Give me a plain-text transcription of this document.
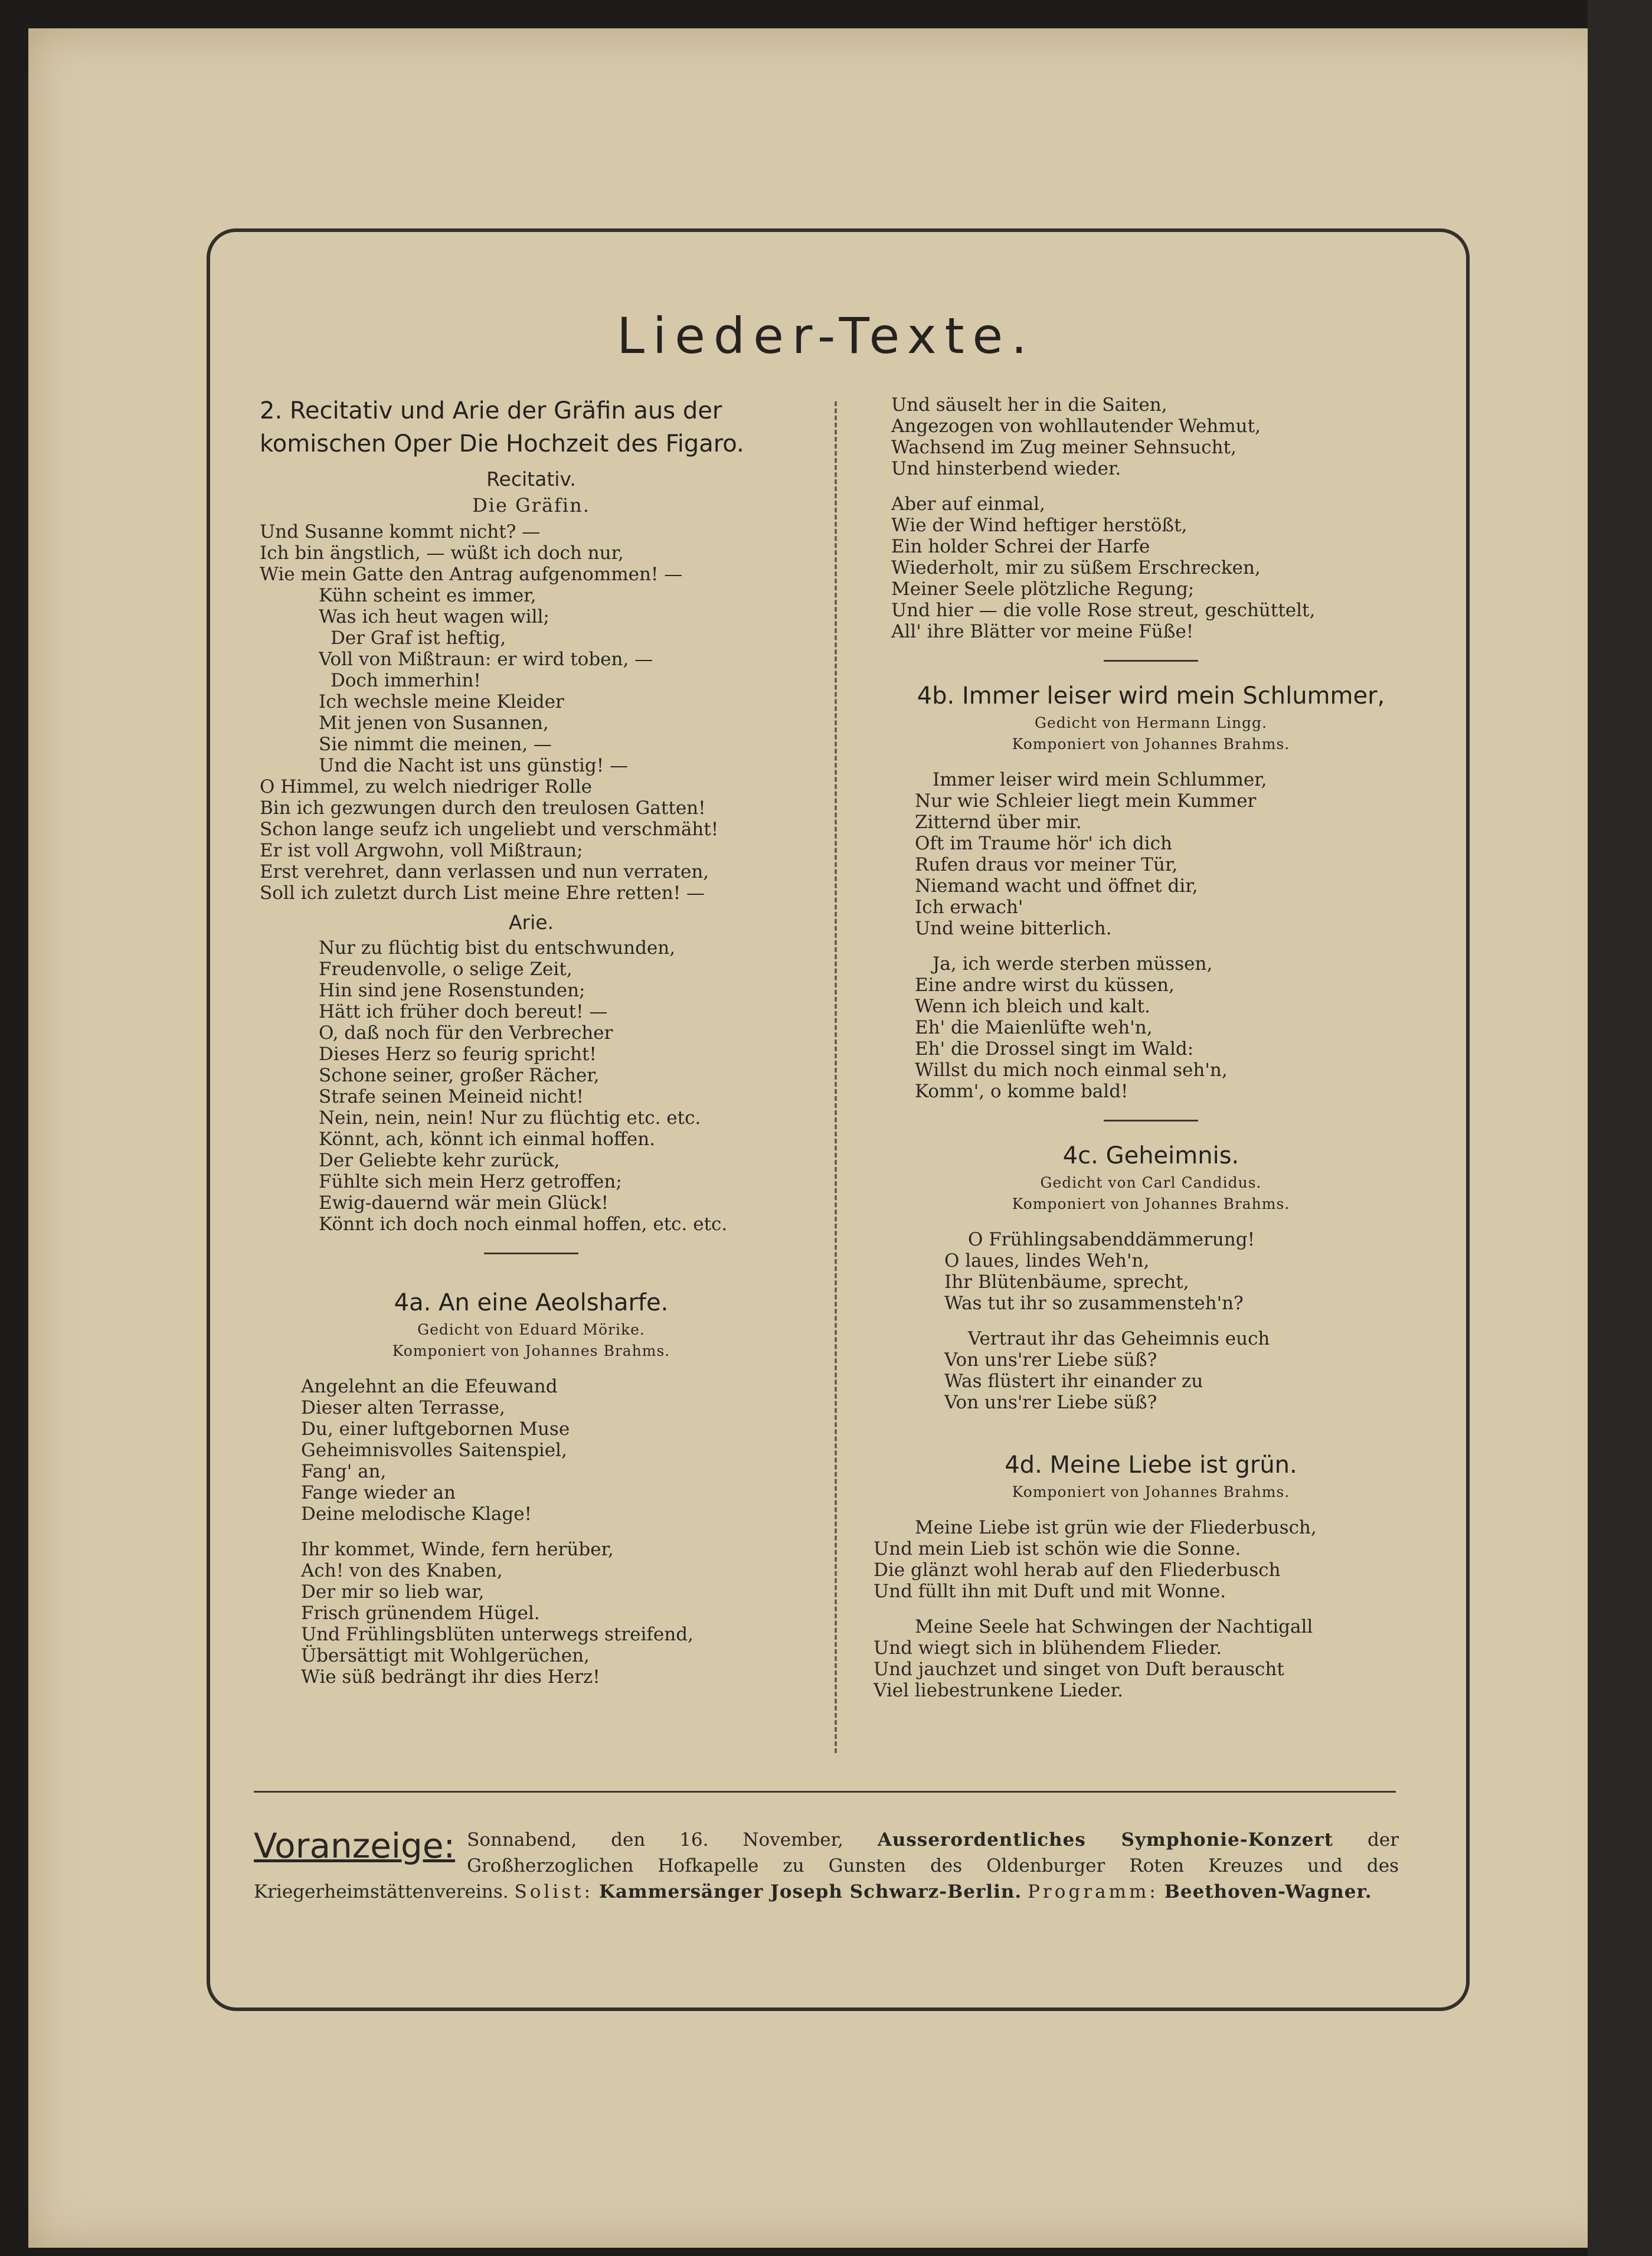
Lieder-Texte.
2. Recitativ und Arie der Gräfin aus der komischen Oper Die Hochzeit des Figaro.
Recitativ.
Die Gräfin.
Und Susanne kommt nicht? —
Ich bin ängstlich, — wüßt ich doch nur,
Wie mein Gatte den Antrag aufgenommen! —
Kühn scheint es immer,
Was ich heut wagen will;
Der Graf ist heftig,
Voll von Mißtraun: er wird toben, —
Doch immerhin!
Ich wechsle meine Kleider
Mit jenen von Susannen,
Sie nimmt die meinen, —
Und die Nacht ist uns günstig! —
O Himmel, zu welch niedriger Rolle
Bin ich gezwungen durch den treulosen Gatten!
Schon lange seufz ich ungeliebt und verschmäht!
Er ist voll Argwohn, voll Mißtraun;
Erst verehret, dann verlassen und nun verraten,
Soll ich zuletzt durch List meine Ehre retten! —
Arie.
Nur zu flüchtig bist du entschwunden,
Freudenvolle, o selige Zeit,
Hin sind jene Rosenstunden;
Hätt ich früher doch bereut! —
O, daß noch für den Verbrecher
Dieses Herz so feurig spricht!
Schone seiner, großer Rächer,
Strafe seinen Meineid nicht!
Nein, nein, nein! Nur zu flüchtig etc. etc.
Könnt, ach, könnt ich einmal hoffen.
Der Geliebte kehr zurück,
Fühlte sich mein Herz getroffen;
Ewig-dauernd wär mein Glück!
Könnt ich doch noch einmal hoffen, etc. etc.
4a. An eine Aeolsharfe.

Gedicht von Eduard Mörike.

Komponiert von Johannes Brahms.

Angelehnt an die Efeuwand
Dieser alten Terrasse,
Du, einer luftgebornen Muse
Geheimnisvolles Saitenspiel,
Fang' an,
Fange wieder an
Deine melodische Klage!
Ihr kommet, Winde, fern herüber,
Ach! von des Knaben,
Der mir so lieb war,
Frisch grünendem Hügel.
Und Frühlingsblüten unterwegs streifend,
Übersättigt mit Wohlgerüchen,
Wie süß bedrängt ihr dies Herz!
Und säuselt her in die Saiten,
Angezogen von wohllautender Wehmut,
Wachsend im Zug meiner Sehnsucht,
Und hinsterbend wieder.
Aber auf einmal,
Wie der Wind heftiger herstößt,
Ein holder Schrei der Harfe
Wiederholt, mir zu süßem Erschrecken,
Meiner Seele plötzliche Regung;
Und hier — die volle Rose streut, geschüttelt,
All' ihre Blätter vor meine Füße!
4b. Immer leiser wird mein Schlummer,

Gedicht von Hermann Lingg.

Komponiert von Johannes Brahms.

Immer leiser wird mein Schlummer,
Nur wie Schleier liegt mein Kummer
Zitternd über mir.
Oft im Traume hör' ich dich
Rufen draus vor meiner Tür,
Niemand wacht und öffnet dir,
Ich erwach'
Und weine bitterlich.
Ja, ich werde sterben müssen,
Eine andre wirst du küssen,
Wenn ich bleich und kalt.
Eh' die Maienlüfte weh'n,
Eh' die Drossel singt im Wald:
Willst du mich noch einmal seh'n,
Komm', o komme bald!
4c. Geheimnis.

Gedicht von Carl Candidus.

Komponiert von Johannes Brahms.

O Frühlingsabenddämmerung!
O laues, lindes Weh'n,
Ihr Blütenbäume, sprecht,
Was tut ihr so zusammensteh'n?
Vertraut ihr das Geheimnis euch
Von uns'rer Liebe süß?
Was flüstert ihr einander zu
Von uns'rer Liebe süß?
4d. Meine Liebe ist grün.

Komponiert von Johannes Brahms.

Meine Liebe ist grün wie der Fliederbusch,
Und mein Lieb ist schön wie die Sonne.
Die glänzt wohl herab auf den Fliederbusch
Und füllt ihn mit Duft und mit Wonne.
Meine Seele hat Schwingen der Nachtigall
Und wiegt sich in blühendem Flieder.
Und jauchzet und singet von Duft berauscht
Viel liebestrunkene Lieder.
Voranzeige: Sonnabend, den 16. November, Ausserordentliches Symphonie-Konzert der Großherzoglichen Hofkapelle zu Gunsten des Oldenburger Roten Kreuzes und des Kriegerheimstättenvereins. Solist: Kammersänger Joseph Schwarz-Berlin. Programm: Beethoven-Wagner.
